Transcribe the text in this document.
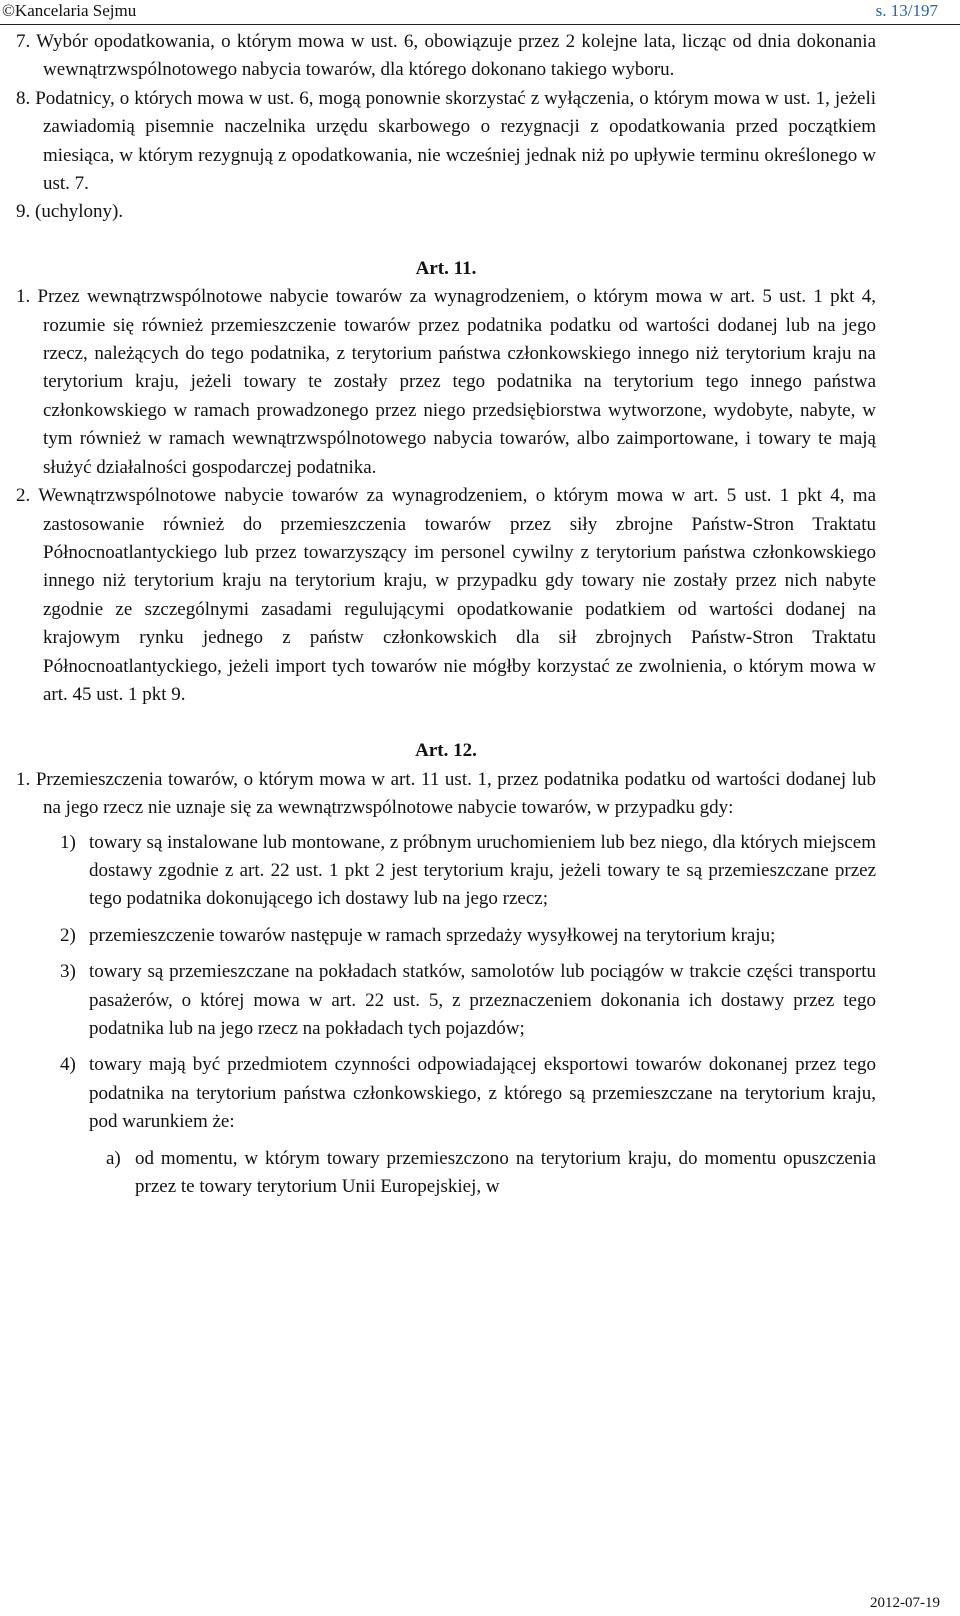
©Kancelaria Sejmu	s. 13/197

7. Wybór opodatkowania, o którym mowa w ust. 6, obowiązuje przez 2 kolejne lata, licząc od dnia dokonania wewnątrzwspólnotowego nabycia towarów, dla którego dokonano takiego wyboru.

8. Podatnicy, o których mowa w ust. 6, mogą ponownie skorzystać z wyłączenia, o którym mowa w ust. 1, jeżeli zawiadomią pisemnie naczelnika urzędu skarbowego o rezygnacji z opodatkowania przed początkiem miesiąca, w którym rezygnują z opodatkowania, nie wcześniej jednak niż po upływie terminu określonego w ust. 7.

9. (uchylony).

Art. 11.

1. Przez wewnątrzwspólnotowe nabycie towarów za wynagrodzeniem, o którym mowa w art. 5 ust. 1 pkt 4, rozumie się również przemieszczenie towarów przez podatnika podatku od wartości dodanej lub na jego rzecz, należących do tego podatnika, z terytorium państwa członkowskiego innego niż terytorium kraju na terytorium kraju, jeżeli towary te zostały przez tego podatnika na terytorium tego innego państwa członkowskiego w ramach prowadzonego przez niego przedsiębiorstwa wytworzone, wydobyte, nabyte, w tym również w ramach wewnątrzwspólnotowego nabycia towarów, albo zaimportowane, i towary te mają służyć działalności gospodarczej podatnika.

2. Wewnątrzwspólnotowe nabycie towarów za wynagrodzeniem, o którym mowa w art. 5 ust. 1 pkt 4, ma zastosowanie również do przemieszczenia towarów przez siły zbrojne Państw-Stron Traktatu Północnoatlantyckiego lub przez towarzyszący im personel cywilny z terytorium państwa członkowskiego innego niż terytorium kraju na terytorium kraju, w przypadku gdy towary nie zostały przez nich nabyte zgodnie ze szczególnymi zasadami regulującymi opodatkowanie podatkiem od wartości dodanej na krajowym rynku jednego z państw członkowskich dla sił zbrojnych Państw-Stron Traktatu Północnoatlantyckiego, jeżeli import tych towarów nie mógłby korzystać ze zwolnienia, o którym mowa w art. 45 ust. 1 pkt 9.

Art. 12.

1. Przemieszczenia towarów, o którym mowa w art. 11 ust. 1, przez podatnika podatku od wartości dodanej lub na jego rzecz nie uznaje się za wewnątrzwspólnotowe nabycie towarów, w przypadku gdy:

1) towary są instalowane lub montowane, z próbnym uruchomieniem lub bez niego, dla których miejscem dostawy zgodnie z art. 22 ust. 1 pkt 2 jest terytorium kraju, jeżeli towary te są przemieszczane przez tego podatnika dokonującego ich dostawy lub na jego rzecz;

2) przemieszczenie towarów następuje w ramach sprzedaży wysyłkowej na terytorium kraju;

3) towary są przemieszczane na pokładach statków, samolotów lub pociągów w trakcie części transportu pasażerów, o której mowa w art. 22 ust. 5, z przeznaczeniem dokonania ich dostawy przez tego podatnika lub na jego rzecz na pokładach tych pojazdów;

4) towary mają być przedmiotem czynności odpowiadającej eksportowi towarów dokonanej przez tego podatnika na terytorium państwa członkowskiego, z którego są przemieszczane na terytorium kraju, pod warunkiem że:

a) od momentu, w którym towary przemieszczono na terytorium kraju, do momentu opuszczenia przez te towary terytorium Unii Europejskiej, w

2012-07-19
